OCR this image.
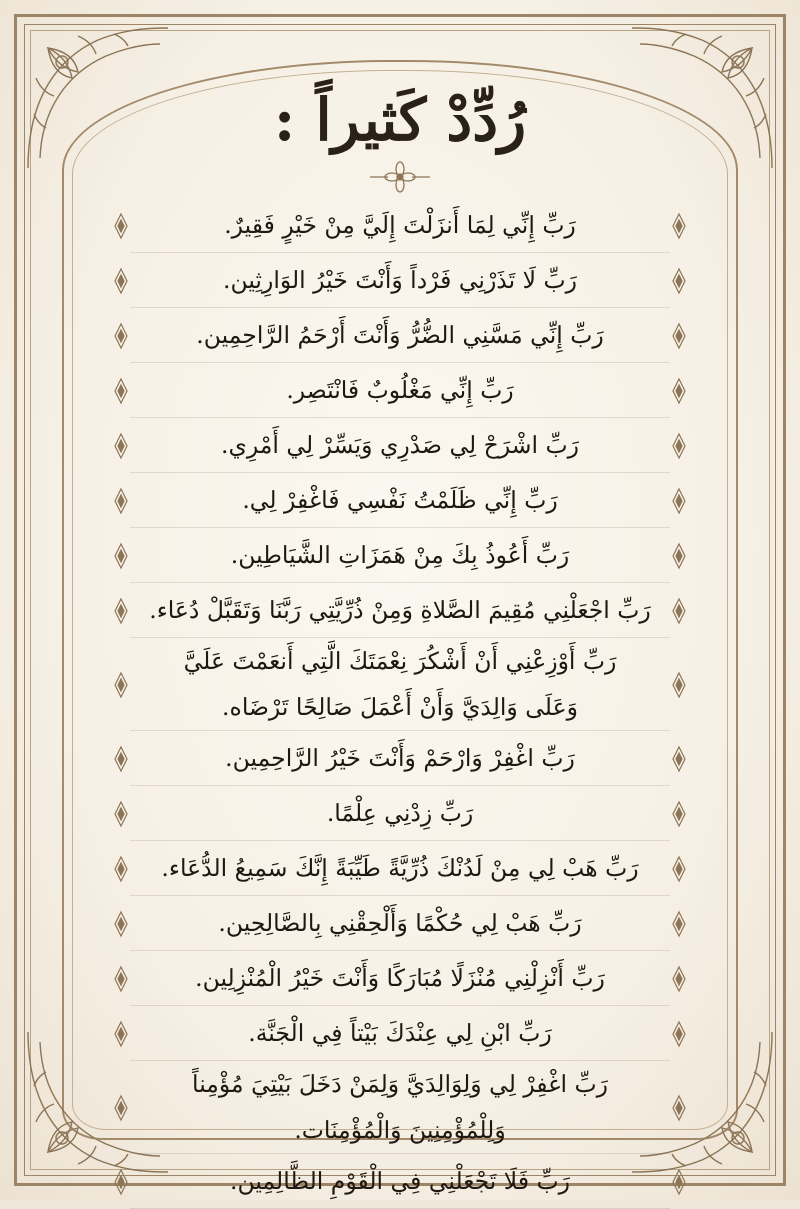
رُدِّدْ كَثيراً :
رَبِّ إِنِّي لِمَا أَنزَلْتَ إِلَيَّ مِنْ خَيْرٍ فَقِيرٌ.
رَبِّ لَا تَذَرْنِي فَرْداً وَأَنْتَ خَيْرُ الوَارِثِين.
رَبِّ إِنِّي مَسَّنِي الضُّرُّ وَأَنْتَ أَرْحَمُ الرَّاحِمِين.
رَبِّ إِنِّي مَغْلُوبٌ فَانْتَصِر.
رَبِّ اشْرَحْ لِي صَدْرِي وَيَسِّرْ لِي أَمْرِي.
رَبِّ إِنِّي ظَلَمْتُ نَفْسِي فَاغْفِرْ لِي.
رَبِّ أَعُوذُ بِكَ مِنْ هَمَزَاتِ الشَّيَاطِين.
رَبِّ اجْعَلْنِي مُقِيمَ الصَّلاةِ وَمِنْ ذُرِّيَّتِي رَبَّنَا وَتَقَبَّلْ دُعَاء.
رَبِّ أَوْزِعْنِي أَنْ أَشْكُرَ نِعْمَتَكَ الَّتِي أَنعَمْتَ عَلَيَّ
وَعَلَى وَالِدَيَّ وَأَنْ أَعْمَلَ صَالِحًا تَرْضَاه.
رَبِّ اغْفِرْ وَارْحَمْ وَأَنْتَ خَيْرُ الرَّاحِمِين.
رَبِّ زِدْنِي عِلْمًا.
رَبِّ هَبْ لِي مِنْ لَدُنْكَ ذُرِّيَّةً طَيِّبَةً إِنَّكَ سَمِيعُ الدُّعَاء.
رَبِّ هَبْ لِي حُكْمًا وَأَلْحِقْنِي بِالصَّالِحِين.
رَبِّ أَنْزِلْنِي مُنْزَلًا مُبَارَكًا وَأَنْتَ خَيْرُ الْمُنْزِلِين.
رَبِّ ابْنِ لِي عِنْدَكَ بَيْتاً فِي الْجَنَّة.
رَبِّ اغْفِرْ لِي وَلِوَالِدَيَّ وَلِمَنْ دَخَلَ بَيْتِيَ مُؤْمِناً
وَلِلْمُؤْمِنِينَ وَالْمُؤْمِنَات.
رَبِّ فَلَا تَجْعَلْنِي فِي الْقَوْمِ الظَّالِمِين.
